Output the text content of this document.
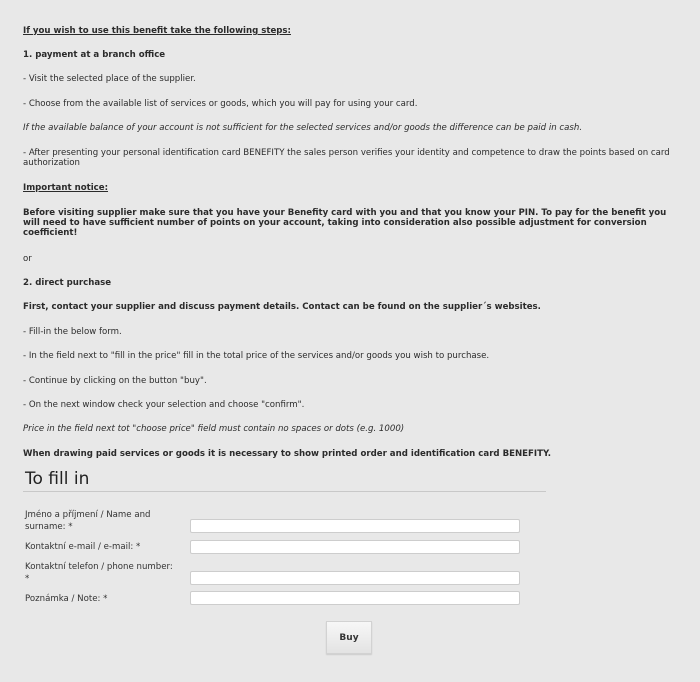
If you wish to use this benefit take the following steps:

1. payment at a branch office

- Visit the selected place of the supplier.

- Choose from the available list of services or goods, which you will pay for using your card.

If the available balance of your account is not sufficient for the selected services and/or goods the difference can be paid in cash.

- After presenting your personal identification card BENEFITY the sales person verifies your identity and competence to draw the points based on card authorization

Important notice:

Before visiting supplier make sure that you have your Benefity card with you and that you know your PIN. To pay for the benefit you will need to have sufficient number of points on your account, taking into consideration also possible adjustment for conversion coefficient!

or

2. direct purchase

First, contact your supplier and discuss payment details. Contact can be found on the supplier´s websites.

- Fill-in the below form.

- In the field next to "fill in the price" fill in the total price of the services and/or goods you wish to purchase.

- Continue by clicking on the button "buy".

- On the next window check your selection and choose "confirm".

Price in the field next tot "choose price" field must contain no spaces or dots (e.g. 1000)

When drawing paid services or goods it is necessary to show printed order and identification card BENEFITY.

To fill in
Jméno a příjmení / Name and surname: *
Kontaktní e-mail / e-mail: *
Kontaktní telefon / phone number: *
Poznámka / Note: *
Buy
